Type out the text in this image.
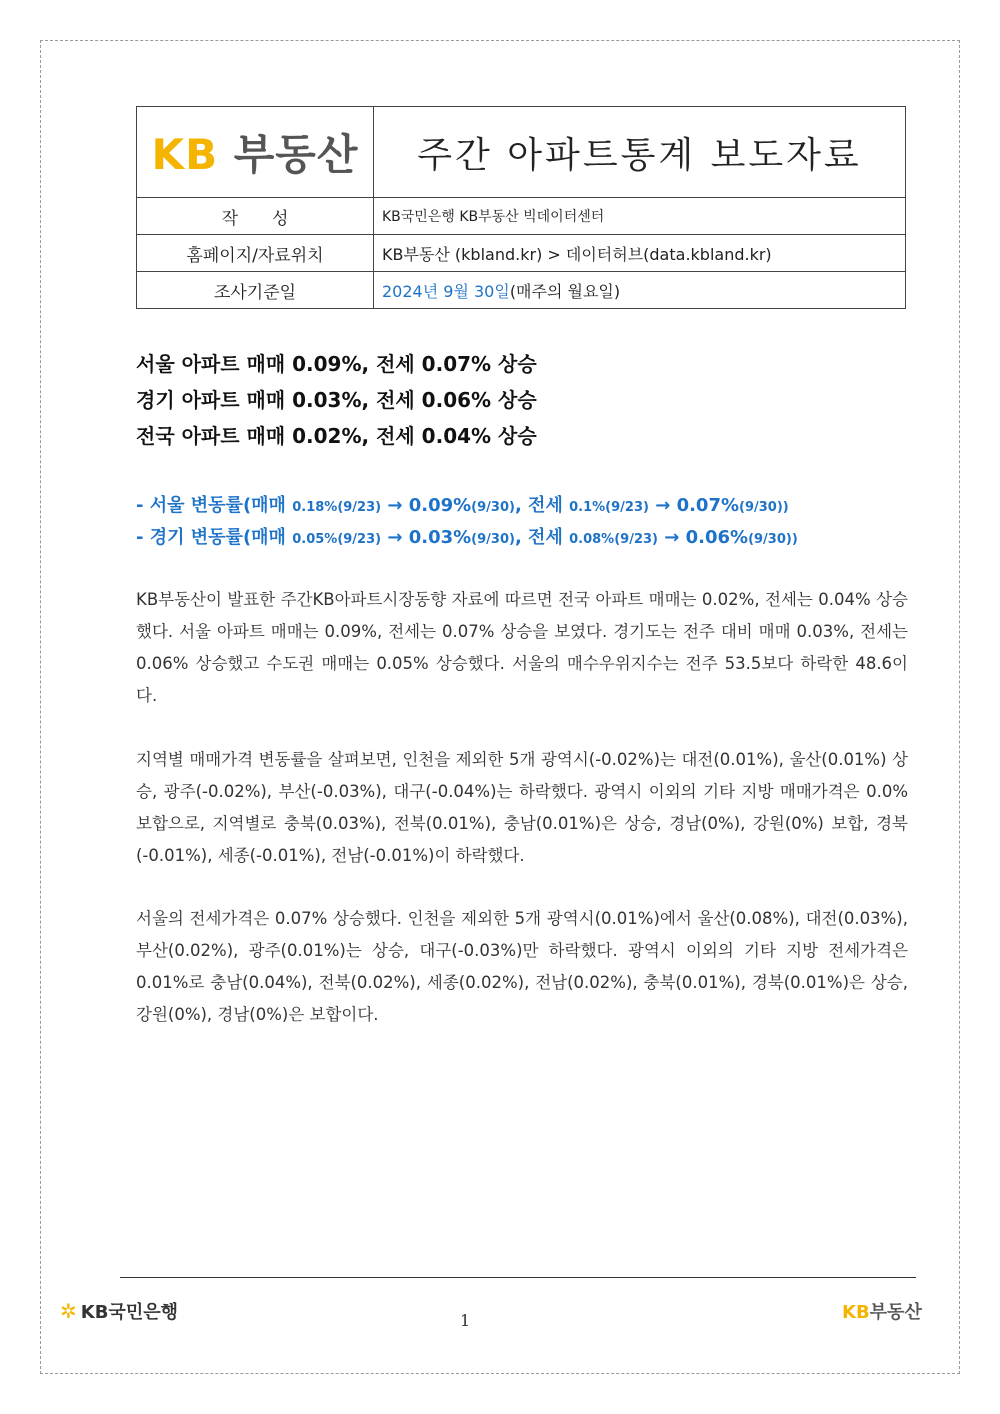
KB 부동산	주간 아파트통계 보도자료
작　　성	KB국민은행 KB부동산 빅데이터센터
홈페이지/자료위치	KB부동산 (kbland.kr) > 데이터허브(data.kbland.kr)
조사기준일	2024년 9월 30일(매주의 월요일)
서울 아파트 매매 0.09%, 전세 0.07% 상승
경기 아파트 매매 0.03%, 전세 0.06% 상승
전국 아파트 매매 0.02%, 전세 0.04% 상승
- 서울 변동률(매매 0.18%(9/23) → 0.09%(9/30), 전세 0.1%(9/23) → 0.07%(9/30))
- 경기 변동률(매매 0.05%(9/23) → 0.03%(9/30), 전세 0.08%(9/23) → 0.06%(9/30))
KB부동산이 발표한 주간KB아파트시장동향 자료에 따르면 전국 아파트 매매는 0.02%, 전세는 0.04% 상승했다. 서울 아파트 매매는 0.09%, 전세는 0.07% 상승을 보였다. 경기도는 전주 대비 매매 0.03%, 전세는 0.06% 상승했고 수도권 매매는 0.05% 상승했다. 서울의 매수우위지수는 전주 53.5보다 하락한 48.6이다.
지역별 매매가격 변동률을 살펴보면, 인천을 제외한 5개 광역시(-0.02%)는 대전(0.01%), 울산(0.01%) 상승, 광주(-0.02%), 부산(-0.03%), 대구(-0.04%)는 하락했다. 광역시 이외의 기타 지방 매매가격은 0.0% 보합으로, 지역별로 충북(0.03%), 전북(0.01%), 충남(0.01%)은 상승, 경남(0%), 강원(0%) 보합, 경북(-0.01%), 세종(-0.01%), 전남(-0.01%)이 하락했다.
서울의 전세가격은 0.07% 상승했다. 인천을 제외한 5개 광역시(0.01%)에서 울산(0.08%), 대전(0.03%), 부산(0.02%), 광주(0.01%)는 상승, 대구(-0.03%)만 하락했다. 광역시 이외의 기타 지방 전세가격은 0.01%로 충남(0.04%), 전북(0.02%), 세종(0.02%), 전남(0.02%), 충북(0.01%), 경북(0.01%)은 상승, 강원(0%), 경남(0%)은 보합이다.
✲ KB국민은행	1	KB부동산
